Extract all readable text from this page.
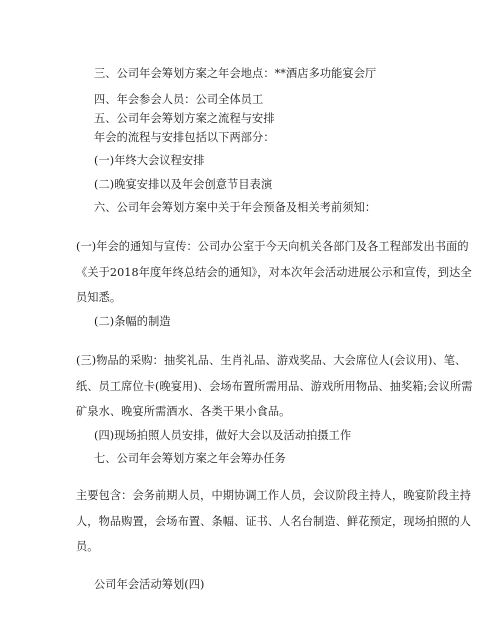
三、公司年会筹划方案之年会地点：**酒店多功能宴会厅
四、年会参会人员：公司全体员工
五、公司年会筹划方案之流程与安排
年会的流程与安排包括以下两部分：
(一)年终大会议程安排
(二)晚宴安排以及年会创意节目表演
六、公司年会筹划方案中关于年会预备及相关考前须知：
(一)年会的通知与宣传：公司办公室于今天向机关各部门及各工程部发出书面的
《关于2018年度年终总结会的通知》，对本次年会活动进展公示和宣传，到达全
员知悉。
(二)条幅的制造
(三)物品的采购：抽奖礼品、生肖礼品、游戏奖品、大会席位人(会议用)、笔、
纸、员工席位卡(晚宴用)、会场布置所需用品、游戏所用物品、抽奖箱;会议所需
矿泉水、晚宴所需酒水、各类干果小食品。
(四)现场拍照人员安排，做好大会以及活动拍摄工作
七、公司年会筹划方案之年会筹办任务
主要包含：会务前期人员，中期协调工作人员，会议阶段主持人，晚宴阶段主持
人，物品购置，会场布置、条幅、证书、人名台制造、鲜花预定，现场拍照的人
员。
公司年会活动筹划(四)
